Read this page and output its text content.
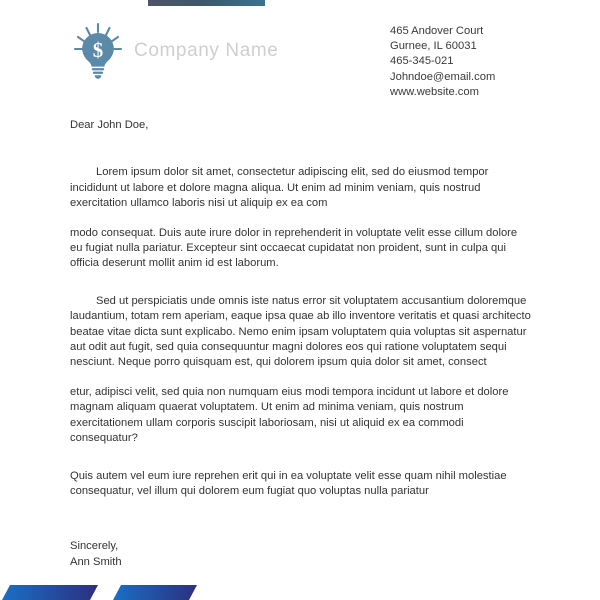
$ Company Name
465 Andover Court
Gurnee, IL 60031
465-345-021
Johndoe@email.com
www.website.com

Dear John Doe,

Lorem ipsum dolor sit amet, consectetur adipiscing elit, sed do eiusmod tempor incididunt ut labore et dolore magna aliqua. Ut enim ad minim veniam, quis nostrud exercitation ullamco laboris nisi ut aliquip ex ea com

modo consequat. Duis aute irure dolor in reprehenderit in voluptate velit esse cillum dolore eu fugiat nulla pariatur. Excepteur sint occaecat cupidatat non proident, sunt in culpa qui officia deserunt mollit anim id est laborum.

Sed ut perspiciatis unde omnis iste natus error sit voluptatem accusantium doloremque laudantium, totam rem aperiam, eaque ipsa quae ab illo inventore veritatis et quasi architecto beatae vitae dicta sunt explicabo. Nemo enim ipsam voluptatem quia voluptas sit aspernatur aut odit aut fugit, sed quia consequuntur magni dolores eos qui ratione voluptatem sequi nesciunt. Neque porro quisquam est, qui dolorem ipsum quia dolor sit amet, consect

etur, adipisci velit, sed quia non numquam eius modi tempora incidunt ut labore et dolore magnam aliquam quaerat voluptatem. Ut enim ad minima veniam, quis nostrum exercitationem ullam corporis suscipit laboriosam, nisi ut aliquid ex ea commodi consequatur?

Quis autem vel eum iure reprehen erit qui in ea voluptate velit esse quam nihil molestiae consequatur, vel illum qui dolorem eum fugiat quo voluptas nulla pariatur

Sincerely,
Ann Smith
